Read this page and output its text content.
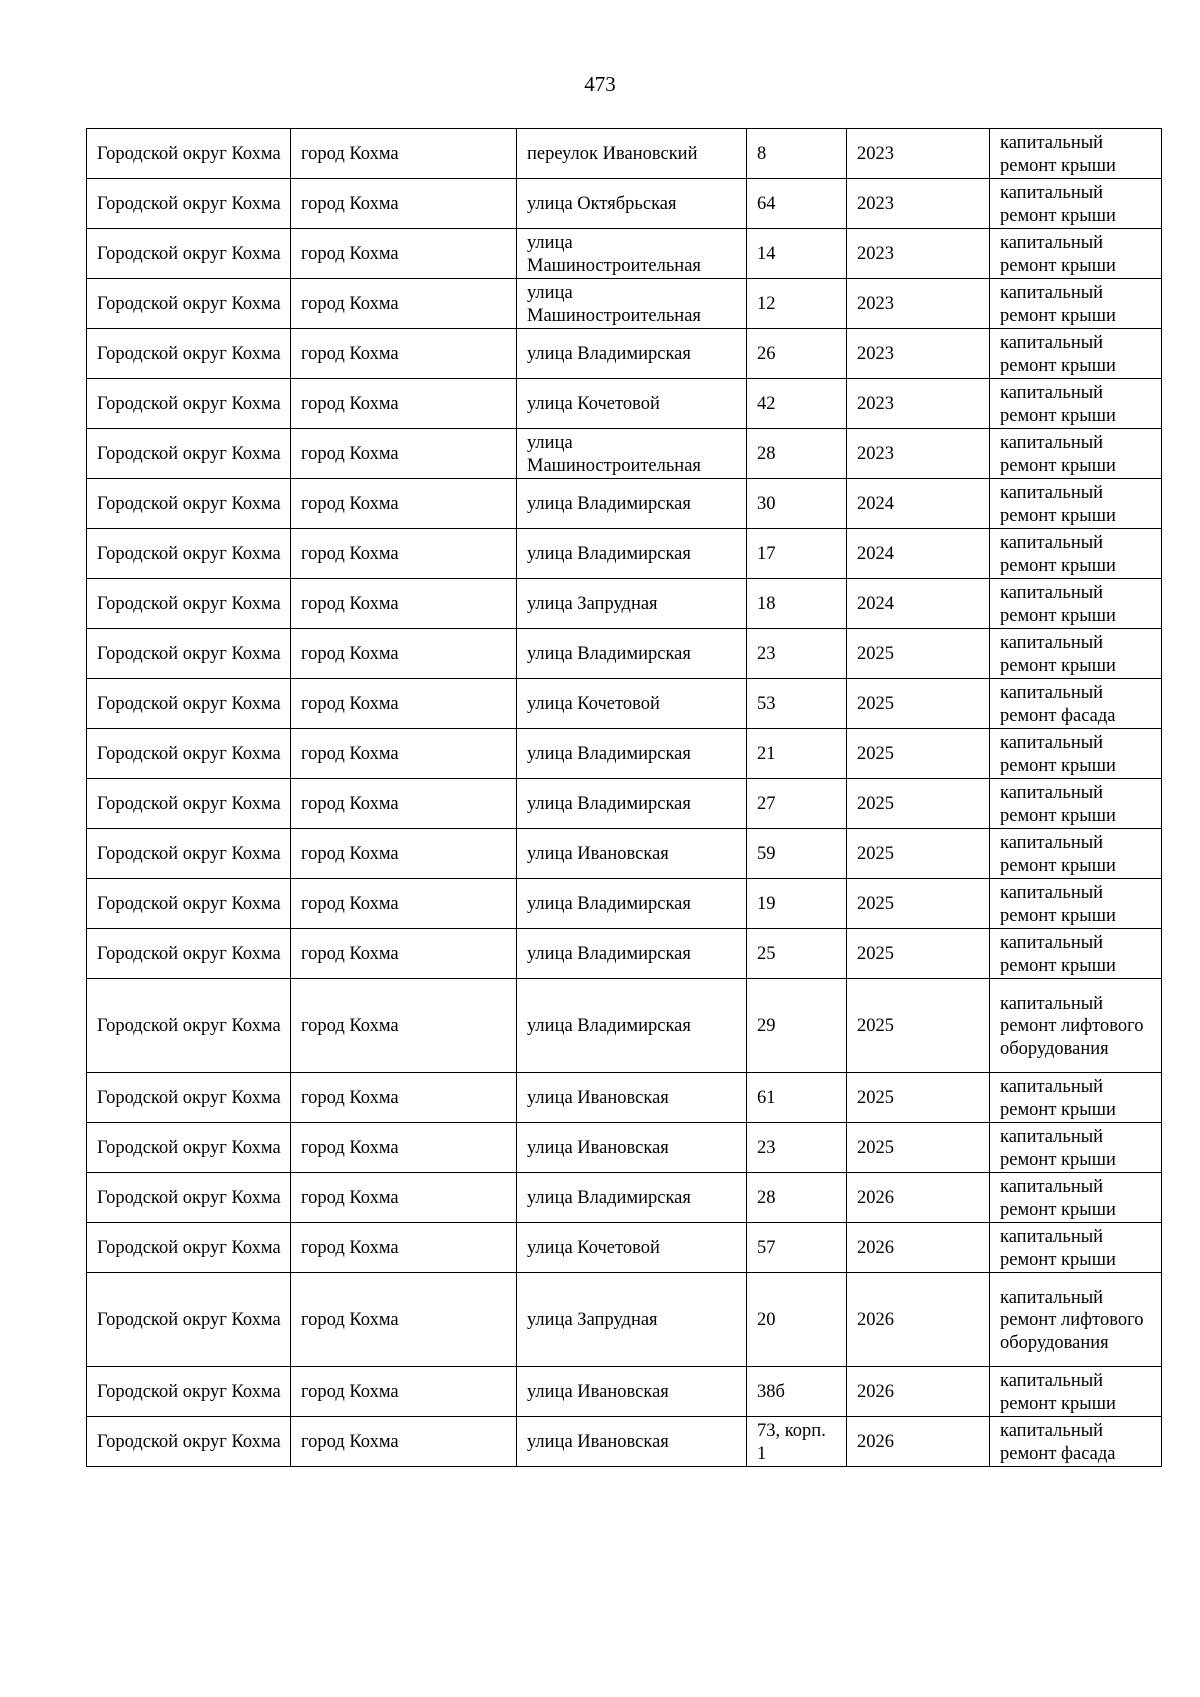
473
Городской округ Кохма	город Кохма	переулок Ивановский	8	2023	капитальный ремонт крыши
Городской округ Кохма	город Кохма	улица Октябрьская	64	2023	капитальный ремонт крыши
Городской округ Кохма	город Кохма	улица Машиностроительная	14	2023	капитальный ремонт крыши
Городской округ Кохма	город Кохма	улица Машиностроительная	12	2023	капитальный ремонт крыши
Городской округ Кохма	город Кохма	улица Владимирская	26	2023	капитальный ремонт крыши
Городской округ Кохма	город Кохма	улица Кочетовой	42	2023	капитальный ремонт крыши
Городской округ Кохма	город Кохма	улица Машиностроительная	28	2023	капитальный ремонт крыши
Городской округ Кохма	город Кохма	улица Владимирская	30	2024	капитальный ремонт крыши
Городской округ Кохма	город Кохма	улица Владимирская	17	2024	капитальный ремонт крыши
Городской округ Кохма	город Кохма	улица Запрудная	18	2024	капитальный ремонт крыши
Городской округ Кохма	город Кохма	улица Владимирская	23	2025	капитальный ремонт крыши
Городской округ Кохма	город Кохма	улица Кочетовой	53	2025	капитальный ремонт фасада
Городской округ Кохма	город Кохма	улица Владимирская	21	2025	капитальный ремонт крыши
Городской округ Кохма	город Кохма	улица Владимирская	27	2025	капитальный ремонт крыши
Городской округ Кохма	город Кохма	улица Ивановская	59	2025	капитальный ремонт крыши
Городской округ Кохма	город Кохма	улица Владимирская	19	2025	капитальный ремонт крыши
Городской округ Кохма	город Кохма	улица Владимирская	25	2025	капитальный ремонт крыши
Городской округ Кохма	город Кохма	улица Владимирская	29	2025	капитальный ремонт лифтового оборудования
Городской округ Кохма	город Кохма	улица Ивановская	61	2025	капитальный ремонт крыши
Городской округ Кохма	город Кохма	улица Ивановская	23	2025	капитальный ремонт крыши
Городской округ Кохма	город Кохма	улица Владимирская	28	2026	капитальный ремонт крыши
Городской округ Кохма	город Кохма	улица Кочетовой	57	2026	капитальный ремонт крыши
Городской округ Кохма	город Кохма	улица Запрудная	20	2026	капитальный ремонт лифтового оборудования
Городской округ Кохма	город Кохма	улица Ивановская	38б	2026	капитальный ремонт крыши
Городской округ Кохма	город Кохма	улица Ивановская	73, корп. 1	2026	капитальный ремонт фасада
